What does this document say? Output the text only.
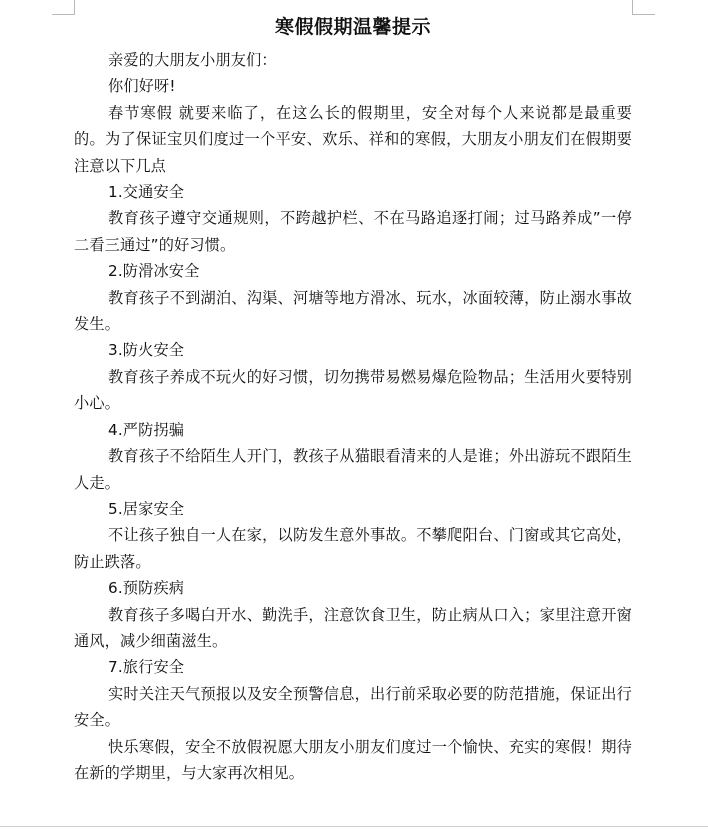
寒假假期温馨提示

亲爱的大朋友小朋友们：

你们好呀!

春节寒假 就要来临了，在这么长的假期里，安全对每个人来说都是最重要的。为了保证宝贝们度过一个平安、欢乐、祥和的寒假，大朋友小朋友们在假期要注意以下几点

1.交通安全

教育孩子遵守交通规则，不跨越护栏、不在马路追逐打闹；过马路养成”一停二看三通过”的好习惯。

2.防滑冰安全

教育孩子不到湖泊、沟渠、河塘等地方滑冰、玩水，冰面较薄，防止溺水事故发生。

3.防火安全

教育孩子养成不玩火的好习惯，切勿携带易燃易爆危险物品；生活用火要特别小心。

4.严防拐骗

教育孩子不给陌生人开门，教孩子从猫眼看清来的人是谁；外出游玩不跟陌生人走。

5.居家安全

不让孩子独自一人在家，以防发生意外事故。不攀爬阳台、门窗或其它高处，防止跌落。

6.预防疾病

教育孩子多喝白开水、勤洗手，注意饮食卫生，防止病从口入；家里注意开窗通风，减少细菌滋生。

7.旅行安全

实时关注天气预报以及安全预警信息，出行前采取必要的防范措施，保证出行安全。

快乐寒假，安全不放假祝愿大朋友小朋友们度过一个愉快、充实的寒假！期待在新的学期里，与大家再次相见。
